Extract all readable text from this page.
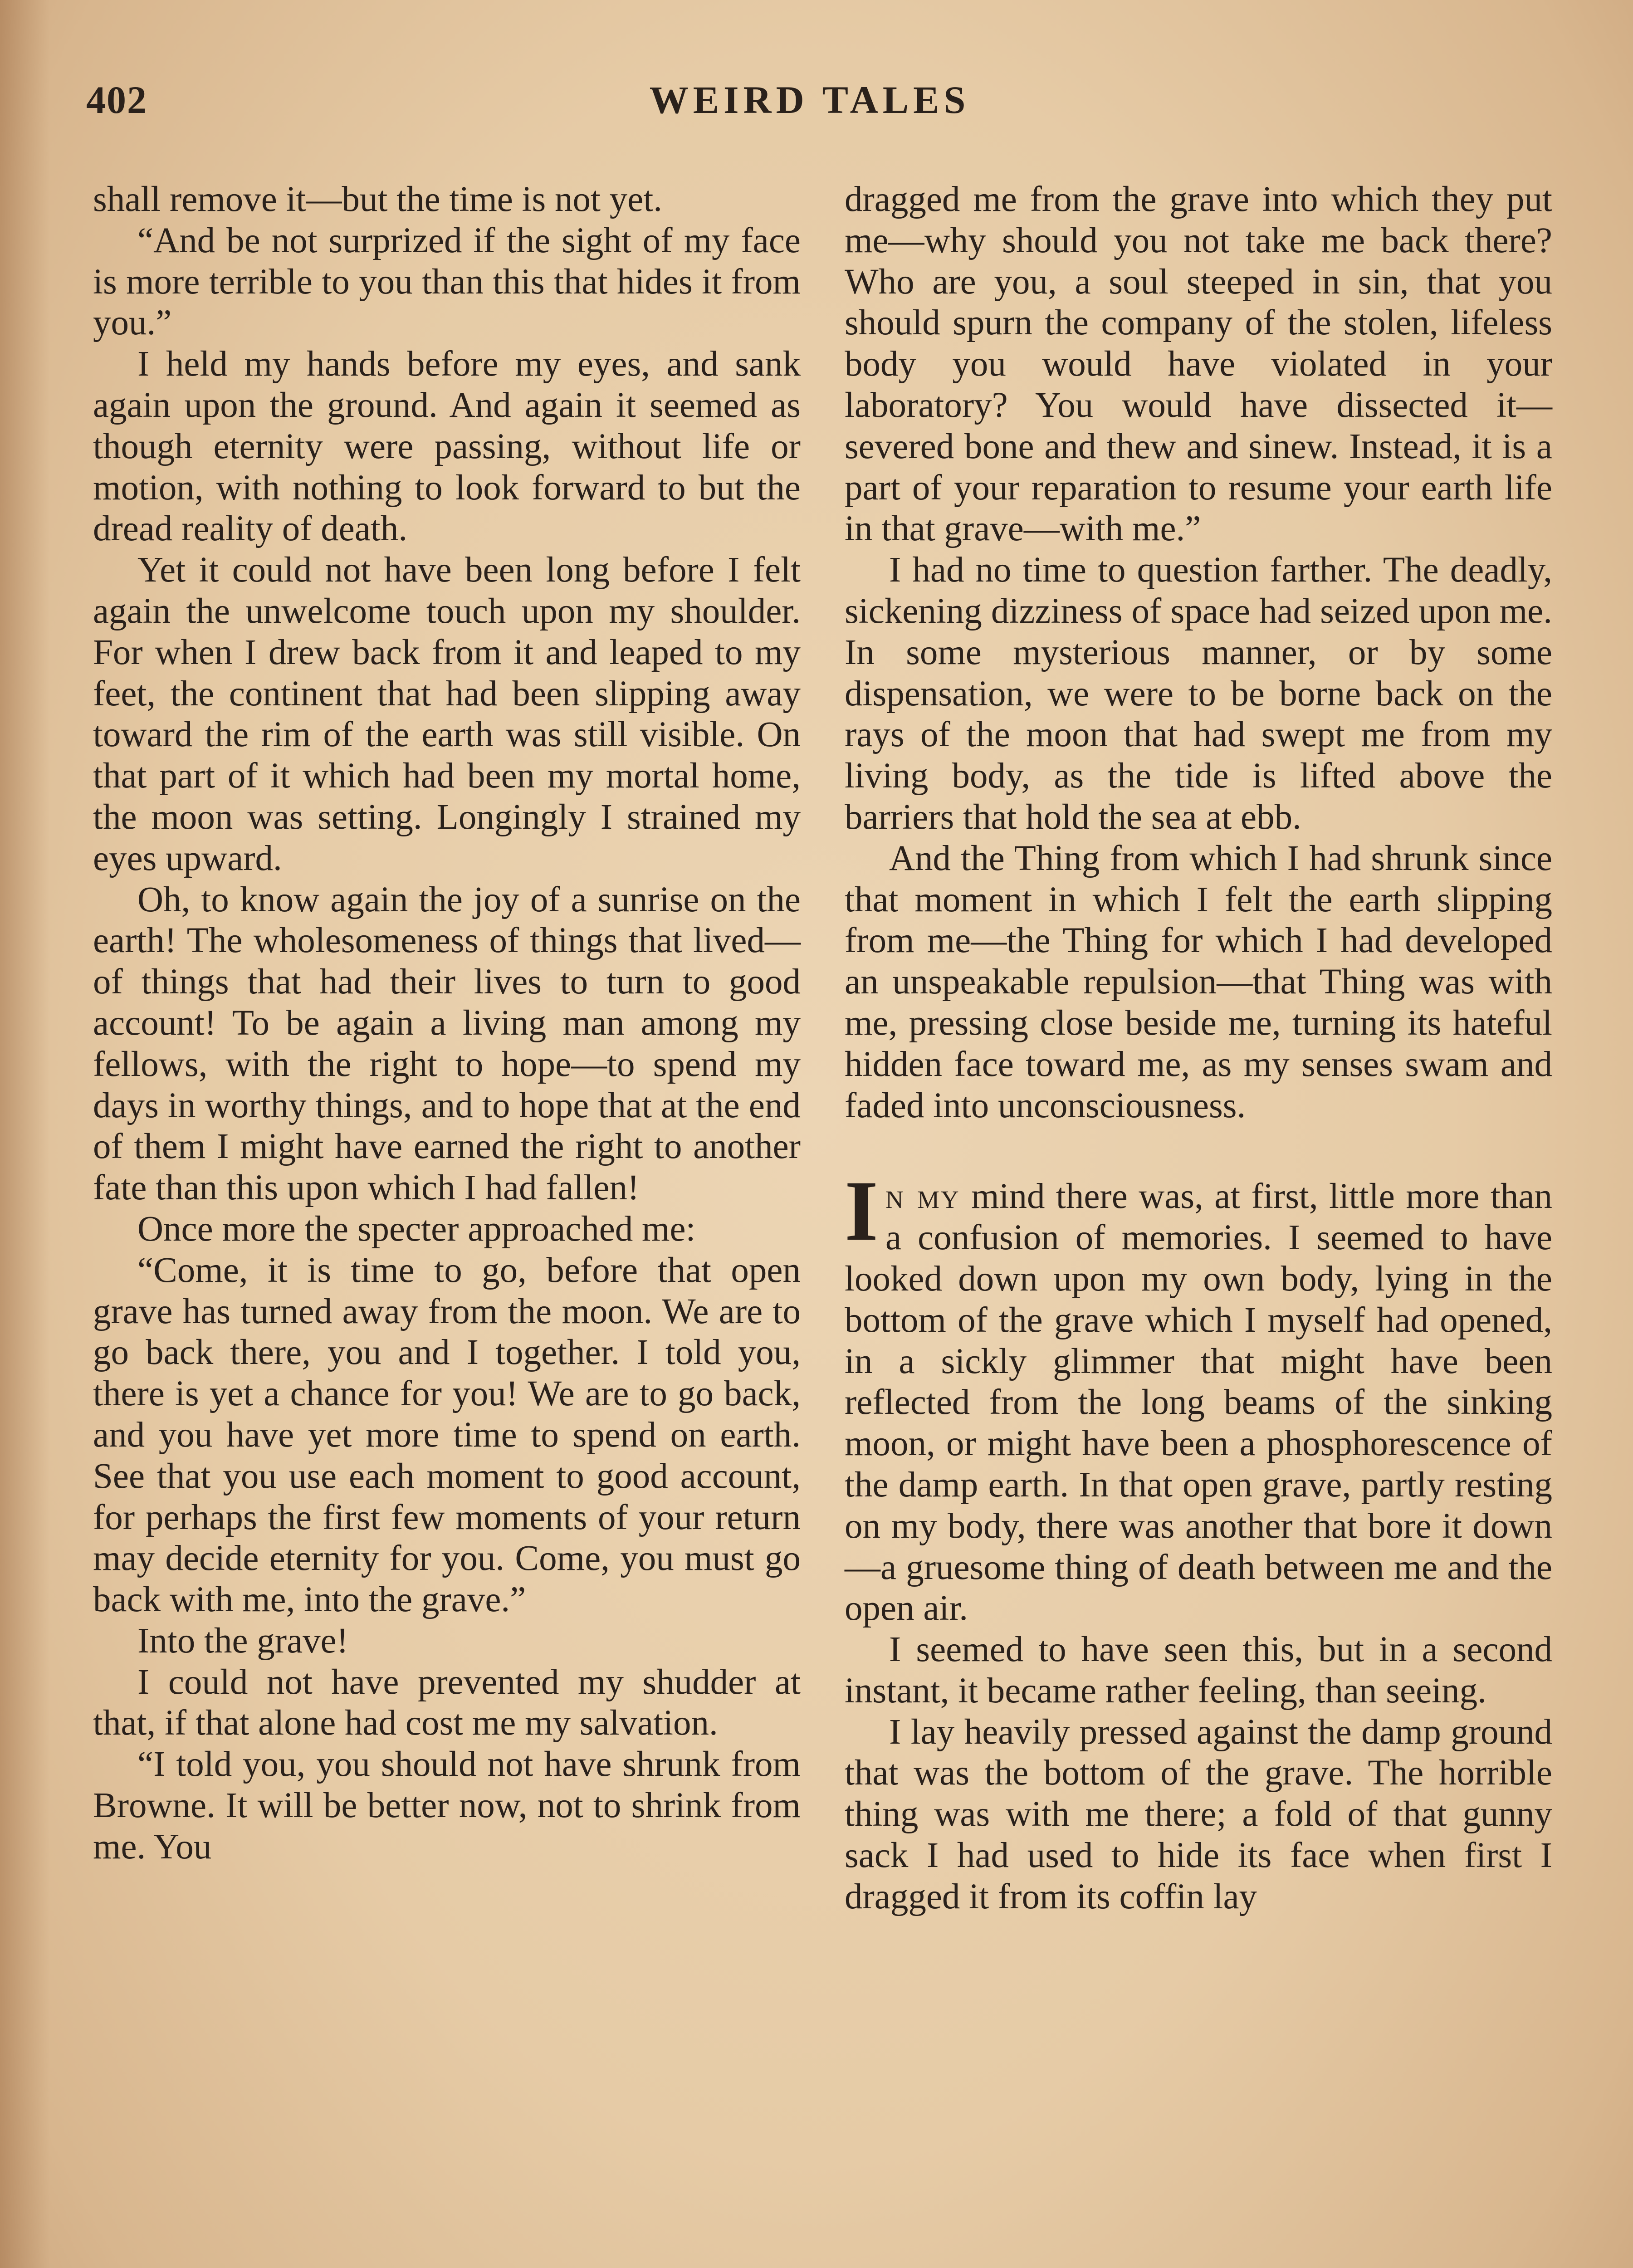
402	WEIRD TALES

shall remove it—but the time is not yet.

“And be not surprized if the sight of my face is more terrible to you than this that hides it from you.”

I held my hands before my eyes, and sank again upon the ground. And again it seemed as though eternity were passing, without life or motion, with nothing to look forward to but the dread reality of death.

Yet it could not have been long before I felt again the unwelcome touch upon my shoulder. For when I drew back from it and leaped to my feet, the continent that had been slipping away toward the rim of the earth was still visible. On that part of it which had been my mortal home, the moon was setting. Longingly I strained my eyes upward.

Oh, to know again the joy of a sunrise on the earth! The wholesomeness of things that lived—of things that had their lives to turn to good account! To be again a living man among my fellows, with the right to hope—to spend my days in worthy things, and to hope that at the end of them I might have earned the right to another fate than this upon which I had fallen!

Once more the specter approached me:

“Come, it is time to go, before that open grave has turned away from the moon. We are to go back there, you and I together. I told you, there is yet a chance for you! We are to go back, and you have yet more time to spend on earth. See that you use each moment to good account, for perhaps the first few moments of your return may decide eternity for you. Come, you must go back with me, into the grave.”

Into the grave!

I could not have prevented my shudder at that, if that alone had cost me my salvation.

“I told you, you should not have shrunk from Browne. It will be better now, not to shrink from me. You

dragged me from the grave into which they put me—why should you not take me back there? Who are you, a soul steeped in sin, that you should spurn the company of the stolen, lifeless body you would have violated in your laboratory? You would have dissected it—severed bone and thew and sinew. Instead, it is a part of your reparation to resume your earth life in that grave—with me.”

I had no time to question farther. The deadly, sickening dizziness of space had seized upon me. In some mysterious manner, or by some dispensation, we were to be borne back on the rays of the moon that had swept me from my living body, as the tide is lifted above the barriers that hold the sea at ebb.

And the Thing from which I had shrunk since that moment in which I felt the earth slipping from me—the Thing for which I had developed an unspeakable repulsion—that Thing was with me, pressing close beside me, turning its hateful hidden face toward me, as my senses swam and faded into unconsciousness.

In my mind there was, at first, little more than a confusion of memories. I seemed to have looked down upon my own body, lying in the bottom of the grave which I myself had opened, in a sickly glimmer that might have been reflected from the long beams of the sinking moon, or might have been a phosphorescence of the damp earth. In that open grave, partly resting on my body, there was another that bore it down—a gruesome thing of death between me and the open air.

I seemed to have seen this, but in a second instant, it became rather feeling, than seeing.

I lay heavily pressed against the damp ground that was the bottom of the grave. The horrible thing was with me there; a fold of that gunny sack I had used to hide its face when first I dragged it from its coffin lay
